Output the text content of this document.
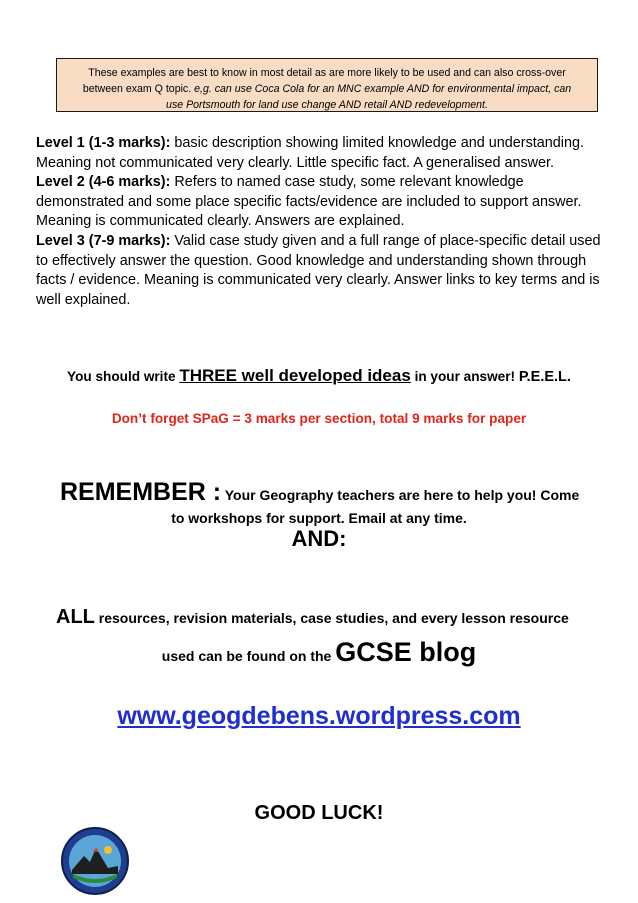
These examples are best to know in most detail as are more likely to be used and can also cross-over
between exam Q topic. e,g. can use Coca Cola for an MNC example AND for environmental impact, can
use Portsmouth for land use change AND retail AND redevelopment.

Level 1 (1-3 marks): basic description showing limited knowledge and understanding. Meaning not communicated very clearly. Little specific fact. A generalised answer.

Level 2 (4-6 marks): Refers to named case study, some relevant knowledge demonstrated and some place specific facts/evidence are included to support answer. Meaning is communicated clearly. Answers are explained.

Level 3 (7-9 marks): Valid case study given and a full range of place-specific detail used to effectively answer the question. Good knowledge and understanding shown through facts / evidence. Meaning is communicated very clearly. Answer links to key terms and is well explained.

You should write THREE well developed ideas in your answer! P.E.E.L.
Don’t forget SPaG = 3 marks per section, total 9 marks for paper
REMEMBER : Your Geography teachers are here to help you! Come
to workshops for support. Email at any time.
AND:
ALL resources, revision materials, case studies, and every lesson resource
used can be found on the GCSE blog
www.geogdebens.wordpress.com
GOOD LUCK!
